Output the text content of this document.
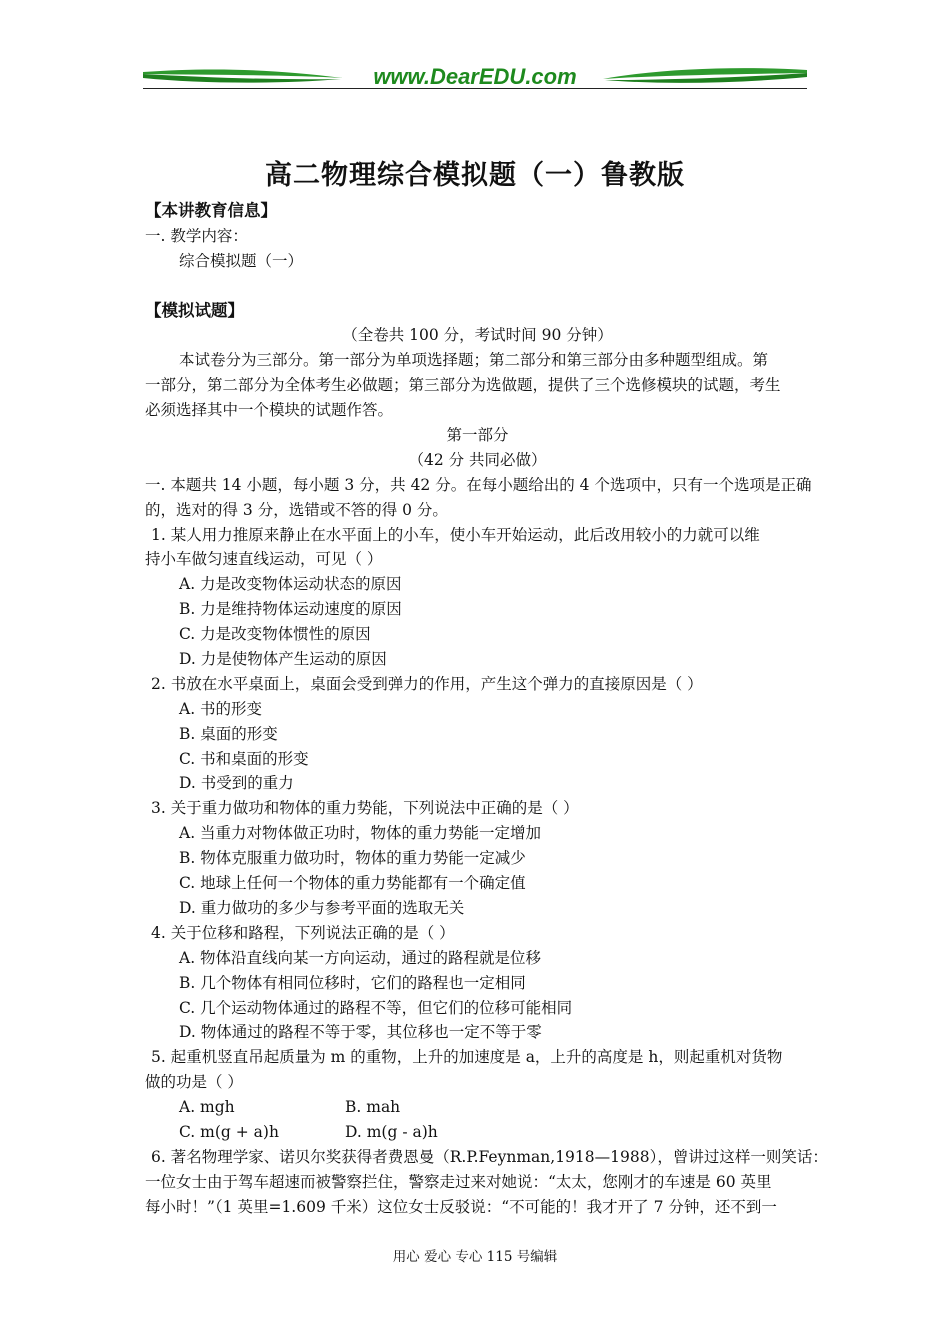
www.DearEDU.com
高二物理综合模拟题（一）鲁教版
【本讲教育信息】
一. 教学内容：
综合模拟题（一）
【模拟试题】
（全卷共 100 分，考试时间 90 分钟）
本试卷分为三部分。第一部分为单项选择题；第二部分和第三部分由多种题型组成。第
一部分，第二部分为全体考生必做题；第三部分为选做题，提供了三个选修模块的试题，考生
必须选择其中一个模块的试题作答。
第一部分
（42 分 共同必做）
一. 本题共 14 小题，每小题 3 分，共 42 分。在每小题给出的 4 个选项中，只有一个选项是正确
的，选对的得 3 分，选错或不答的得 0 分。
1. 某人用力推原来静止在水平面上的小车，使小车开始运动，此后改用较小的力就可以维
持小车做匀速直线运动，可见（ ）
A. 力是改变物体运动状态的原因
B. 力是维持物体运动速度的原因
C. 力是改变物体惯性的原因
D. 力是使物体产生运动的原因
2. 书放在水平桌面上，桌面会受到弹力的作用，产生这个弹力的直接原因是（ ）
A. 书的形变
B. 桌面的形变
C. 书和桌面的形变
D. 书受到的重力
3. 关于重力做功和物体的重力势能，下列说法中正确的是（ ）
A. 当重力对物体做正功时，物体的重力势能一定增加
B. 物体克服重力做功时，物体的重力势能一定减少
C. 地球上任何一个物体的重力势能都有一个确定值
D. 重力做功的多少与参考平面的选取无关
4. 关于位移和路程，下列说法正确的是（ ）
A. 物体沿直线向某一方向运动，通过的路程就是位移
B. 几个物体有相同位移时，它们的路程也一定相同
C. 几个运动物体通过的路程不等，但它们的位移可能相同
D. 物体通过的路程不等于零，其位移也一定不等于零
5. 起重机竖直吊起质量为 m 的重物，上升的加速度是 a，上升的高度是 h，则起重机对货物
做的功是（ ）
A. mgh	B. mah
C. m(g + a)h	D. m(g - a)h
6. 著名物理学家、诺贝尔奖获得者费恩曼（R.P.Feynman,1918—1988），曾讲过这样一则笑话：
一位女士由于驾车超速而被警察拦住，警察走过来对她说：“太太，您刚才的车速是 60 英里
每小时！”（1 英里=1.609 千米）这位女士反驳说：“不可能的！我才开了 7 分钟，还不到一
用心 爱心 专心 115 号编辑
